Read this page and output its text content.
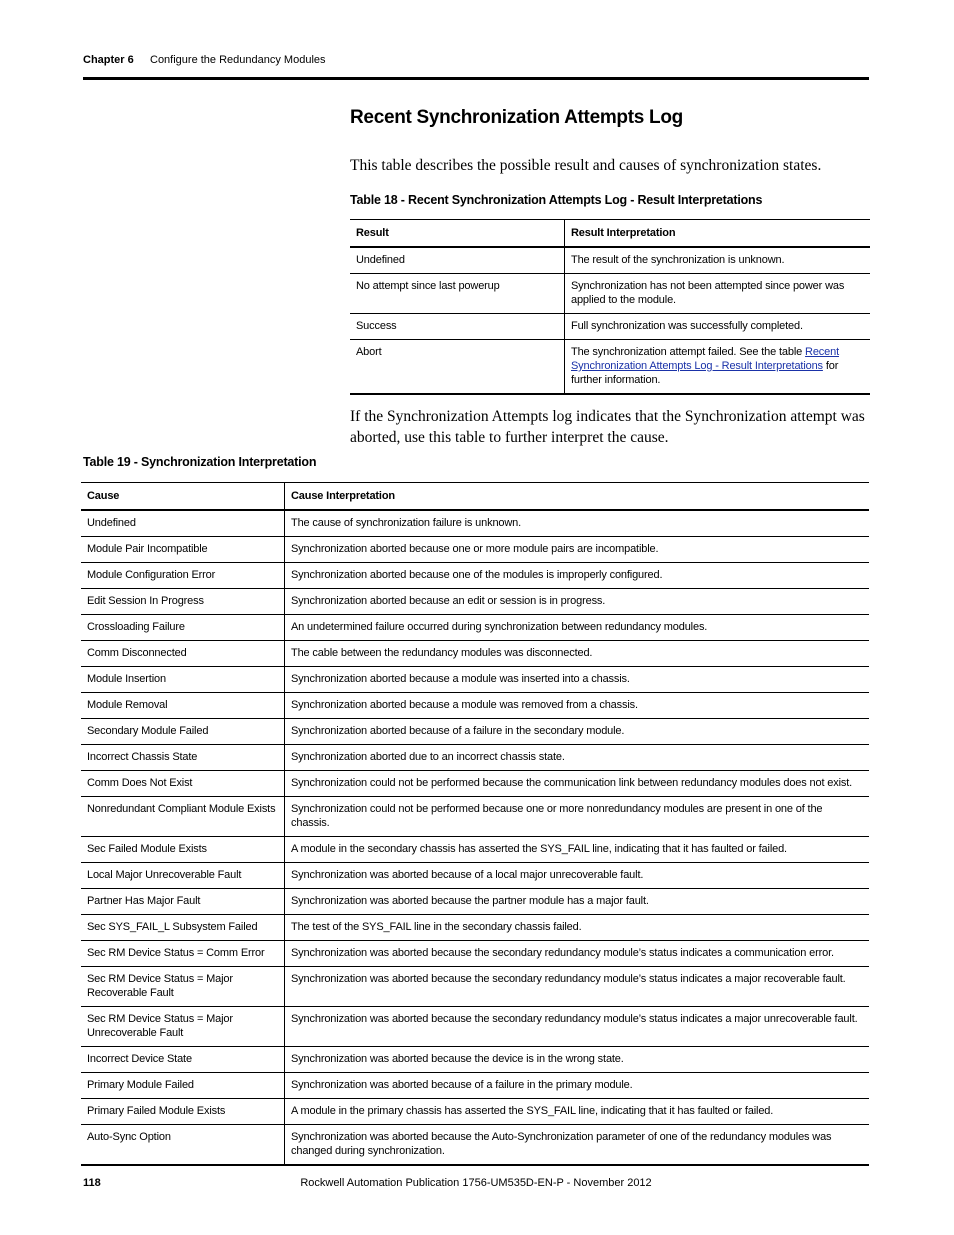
Chapter 6 Configure the Redundancy Modules
Recent Synchronization Attempts Log
This table describes the possible result and causes of synchronization states.
Table 18 - Recent Synchronization Attempts Log - Result Interpretations
Result	Result Interpretation
Undefined	The result of the synchronization is unknown.
No attempt since last powerup	Synchronization has not been attempted since power was applied to the module.
Success	Full synchronization was successfully completed.
Abort	The synchronization attempt failed. See the table Recent Synchronization Attempts Log - Result Interpretations for further information.
If the Synchronization Attempts log indicates that the Synchronization attempt was aborted, use this table to further interpret the cause.
Table 19 - Synchronization Interpretation
Cause	Cause Interpretation
Undefined	The cause of synchronization failure is unknown.
Module Pair Incompatible	Synchronization aborted because one or more module pairs are incompatible.
Module Configuration Error	Synchronization aborted because one of the modules is improperly configured.
Edit Session In Progress	Synchronization aborted because an edit or session is in progress.
Crossloading Failure	An undetermined failure occurred during synchronization between redundancy modules.
Comm Disconnected	The cable between the redundancy modules was disconnected.
Module Insertion	Synchronization aborted because a module was inserted into a chassis.
Module Removal	Synchronization aborted because a module was removed from a chassis.
Secondary Module Failed	Synchronization aborted because of a failure in the secondary module.
Incorrect Chassis State	Synchronization aborted due to an incorrect chassis state.
Comm Does Not Exist	Synchronization could not be performed because the communication link between redundancy modules does not exist.
Nonredundant Compliant Module Exists	Synchronization could not be performed because one or more nonredundancy modules are present in one of the chassis.
Sec Failed Module Exists	A module in the secondary chassis has asserted the SYS_FAIL line, indicating that it has faulted or failed.
Local Major Unrecoverable Fault	Synchronization was aborted because of a local major unrecoverable fault.
Partner Has Major Fault	Synchronization was aborted because the partner module has a major fault.
Sec SYS_FAIL_L Subsystem Failed	The test of the SYS_FAIL line in the secondary chassis failed.
Sec RM Device Status = Comm Error	Synchronization was aborted because the secondary redundancy module’s status indicates a communication error.
Sec RM Device Status = Major Recoverable Fault	Synchronization was aborted because the secondary redundancy module’s status indicates a major recoverable fault.
Sec RM Device Status = Major Unrecoverable Fault	Synchronization was aborted because the secondary redundancy module’s status indicates a major unrecoverable fault.
Incorrect Device State	Synchronization was aborted because the device is in the wrong state.
Primary Module Failed	Synchronization was aborted because of a failure in the primary module.
Primary Failed Module Exists	A module in the primary chassis has asserted the SYS_FAIL line, indicating that it has faulted or failed.
Auto-Sync Option	Synchronization was aborted because the Auto-Synchronization parameter of one of the redundancy modules was changed during synchronization.
118	Rockwell Automation Publication 1756-UM535D-EN-P - November 2012
